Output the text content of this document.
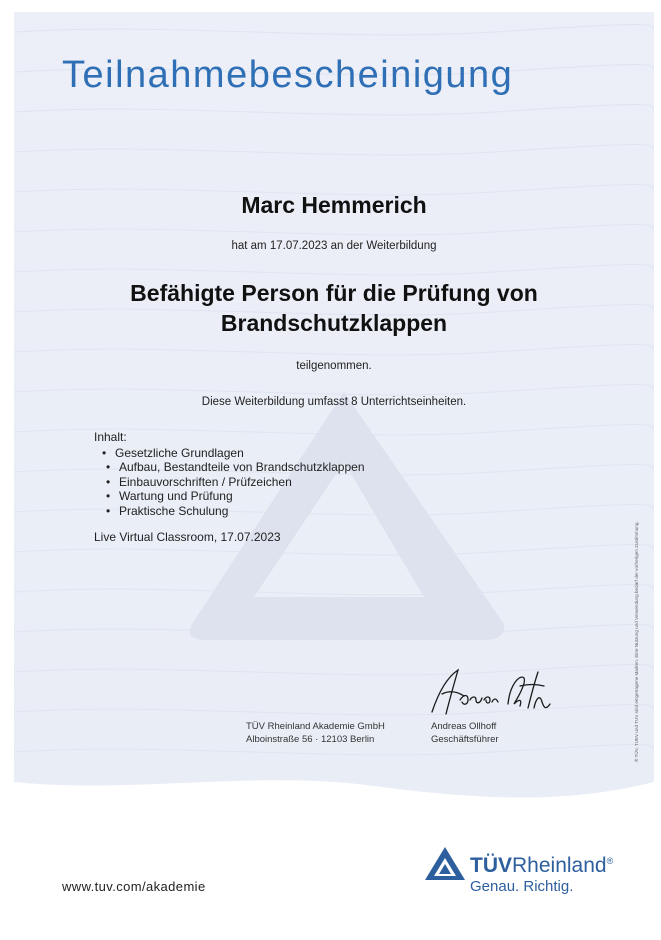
Teilnahmebescheinigung
Marc Hemmerich
hat am 17.07.2023 an der Weiterbildung
Befähigte Person für die Prüfung von
Brandschutzklappen
teilgenommen.
Diese Weiterbildung umfasst 8 Unterrichtseinheiten.
Inhalt:
• Gesetzliche Grundlagen
• Aufbau, Bestandteile von Brandschutzklappen
• Einbauvorschriften / Prüfzeichen
• Wartung und Prüfung
• Praktische Schulung
Live Virtual Classroom, 17.07.2023
TÜV Rheinland Akademie GmbH
Alboinstraße 56 · 12103 Berlin
Andreas Ollhoff
Geschäftsführer	® TÜV, TUEV und TUV sind eingetragene Marken. Eine Nutzung und Verwendung bedarf der vorherigen Zustimmung.
www.tuv.com/akademie
TÜVRheinland®
Genau. Richtig.
